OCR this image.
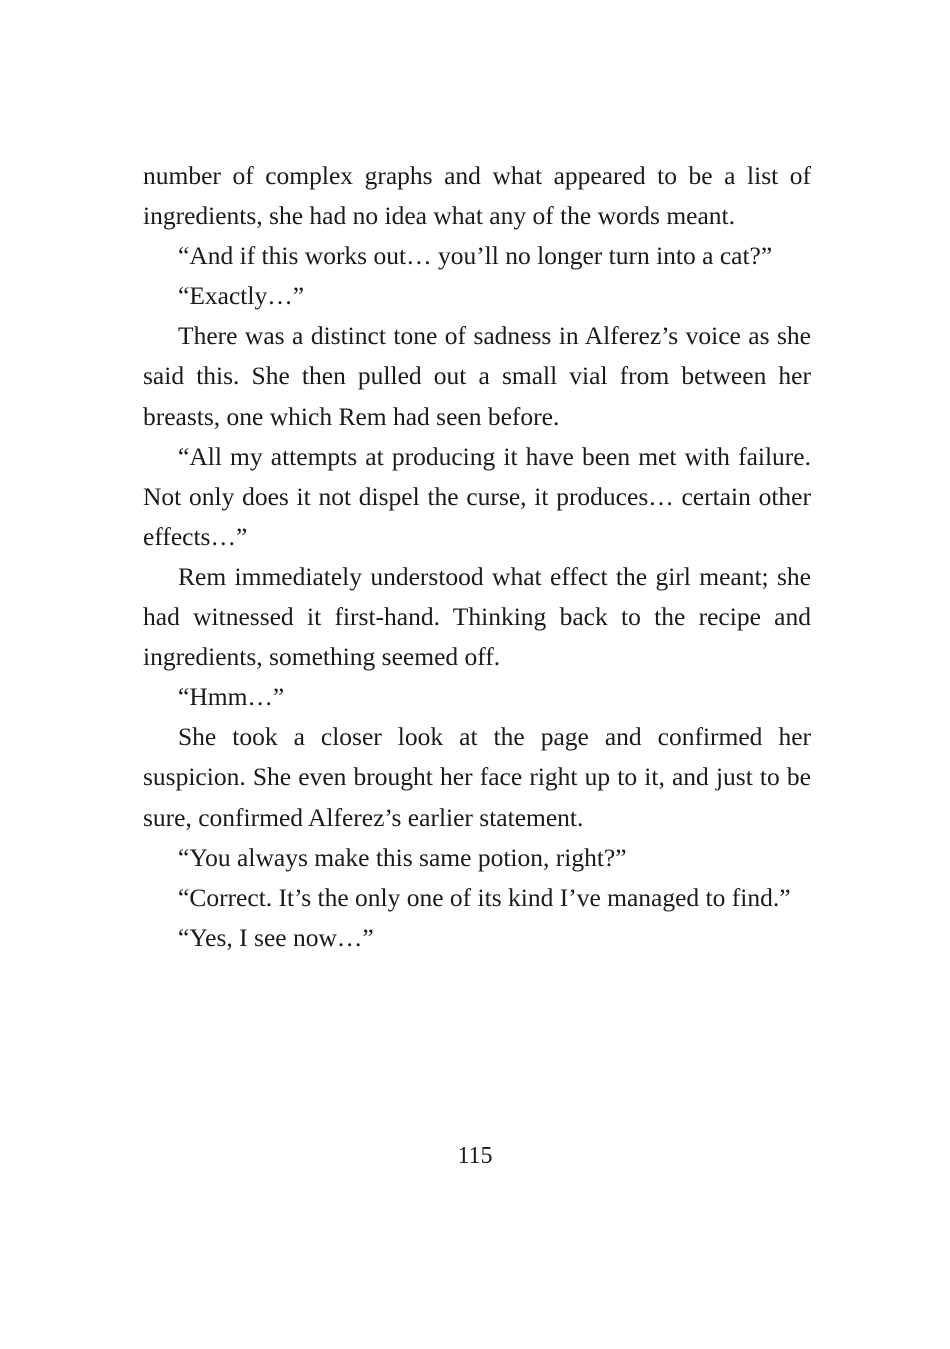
number of complex graphs and what appeared to be a list of ingredients, she had no idea what any of the words meant.

“And if this works out… you’ll no longer turn into a cat?”

“Exactly…”

There was a distinct tone of sadness in Alferez’s voice as she said this. She then pulled out a small vial from between her breasts, one which Rem had seen before.

“All my attempts at producing it have been met with failure. Not only does it not dispel the curse, it produces… certain other effects…”

Rem immediately understood what effect the girl meant; she had witnessed it first-hand. Thinking back to the recipe and ingredients, something seemed off.

“Hmm…”

She took a closer look at the page and confirmed her suspicion. She even brought her face right up to it, and just to be sure, confirmed Alferez’s earlier statement.

“You always make this same potion, right?”

“Correct. It’s the only one of its kind I’ve managed to find.”

“Yes, I see now…”

115
